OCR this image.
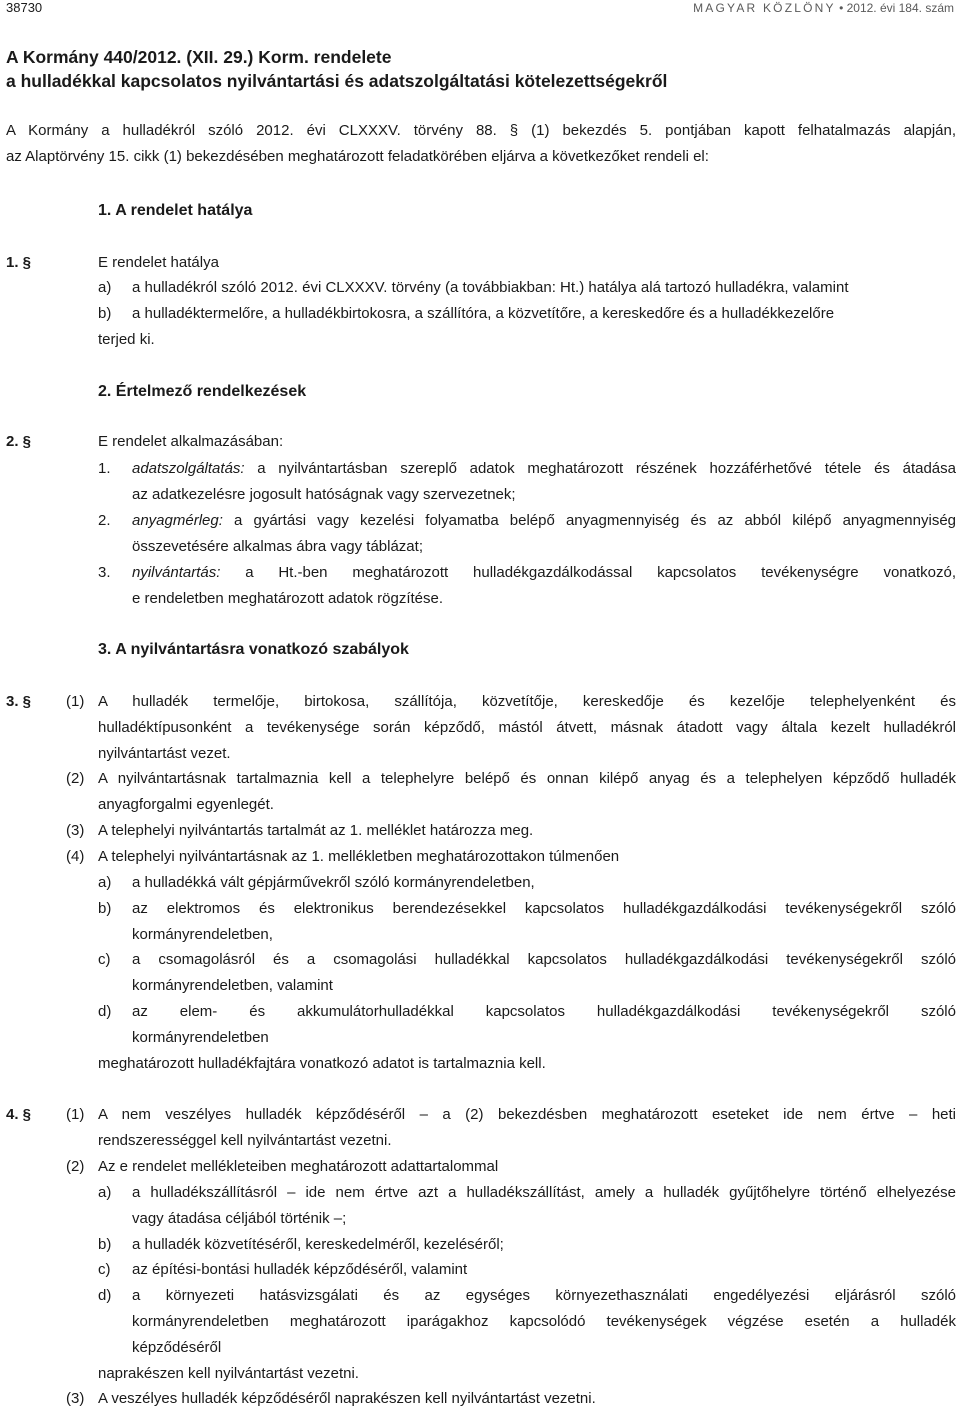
38730	MAGYAR KÖZLÖNY • 2012. évi 184. szám
A Kormány 440/2012. (XII. 29.) Korm. rendelete
a hulladékkal kapcsolatos nyilvántartási és adatszolgáltatási kötelezettségekről
A Kormány a hulladékról szóló 2012. évi CLXXXV. törvény 88. § (1) bekezdés 5. pontjában kapott felhatalmazás alapján,
az Alaptörvény 15. cikk (1) bekezdésében meghatározott feladatkörében eljárva a következőket rendeli el:
1. A rendelet hatálya
1. §	E rendelet hatálya
a) a hulladékról szóló 2012. évi CLXXXV. törvény (a továbbiakban: Ht.) hatálya alá tartozó hulladékra, valamint
b) a hulladéktermelőre, a hulladékbirtokosra, a szállítóra, a közvetítőre, a kereskedőre és a hulladékkezelőre
terjed ki.
2. Értelmező rendelkezések
2. §	E rendelet alkalmazásában:
1. adatszolgáltatás: a nyilvántartásban szereplő adatok meghatározott részének hozzáférhetővé tétele és átadása
az adatkezelésre jogosult hatóságnak vagy szervezetnek;
2. anyagmérleg: a gyártási vagy kezelési folyamatba belépő anyagmennyiség és az abból kilépő anyagmennyiség
összevetésére alkalmas ábra vagy táblázat;
3. nyilvántartás: a Ht.-ben meghatározott hulladékgazdálkodással kapcsolatos tevékenységre vonatkozó,
e rendeletben meghatározott adatok rögzítése.
3. A nyilvántartásra vonatkozó szabályok
3. § (1) A hulladék termelője, birtokosa, szállítója, közvetítője, kereskedője és kezelője telephelyenként és
hulladéktípusonként a tevékenysége során képződő, mástól átvett, másnak átadott vagy általa kezelt hulladékról
nyilvántartást vezet.
(2) A nyilvántartásnak tartalmaznia kell a telephelyre belépő és onnan kilépő anyag és a telephelyen képződő hulladék
anyagforgalmi egyenlegét.
(3) A telephelyi nyilvántartás tartalmát az 1. melléklet határozza meg.
(4) A telephelyi nyilvántartásnak az 1. mellékletben meghatározottakon túlmenően
a) a hulladékká vált gépjárművekről szóló kormányrendeletben,
b) az elektromos és elektronikus berendezésekkel kapcsolatos hulladékgazdálkodási tevékenységekről szóló
kormányrendeletben,
c) a csomagolásról és a csomagolási hulladékkal kapcsolatos hulladékgazdálkodási tevékenységekről szóló
kormányrendeletben, valamint
d) az elem- és akkumulátorhulladékkal kapcsolatos hulladékgazdálkodási tevékenységekről szóló
kormányrendeletben
meghatározott hulladékfajtára vonatkozó adatot is tartalmaznia kell.
4. § (1) A nem veszélyes hulladék képződéséről – a (2) bekezdésben meghatározott eseteket ide nem értve – heti
rendszerességgel kell nyilvántartást vezetni.
(2) Az e rendelet mellékleteiben meghatározott adattartalommal
a) a hulladékszállításról – ide nem értve azt a hulladékszállítást, amely a hulladék gyűjtőhelyre történő elhelyezése
vagy átadása céljából történik –;
b) a hulladék közvetítéséről, kereskedelméről, kezeléséről;
c) az építési-bontási hulladék képződéséről, valamint
d) a környezeti hatásvizsgálati és az egységes környezethasználati engedélyezési eljárásról szóló
kormányrendeletben meghatározott iparágakhoz kapcsolódó tevékenységek végzése esetén a hulladék
képződéséről
naprakészen kell nyilvántartást vezetni.
(3) A veszélyes hulladék képződéséről naprakészen kell nyilvántartást vezetni.
